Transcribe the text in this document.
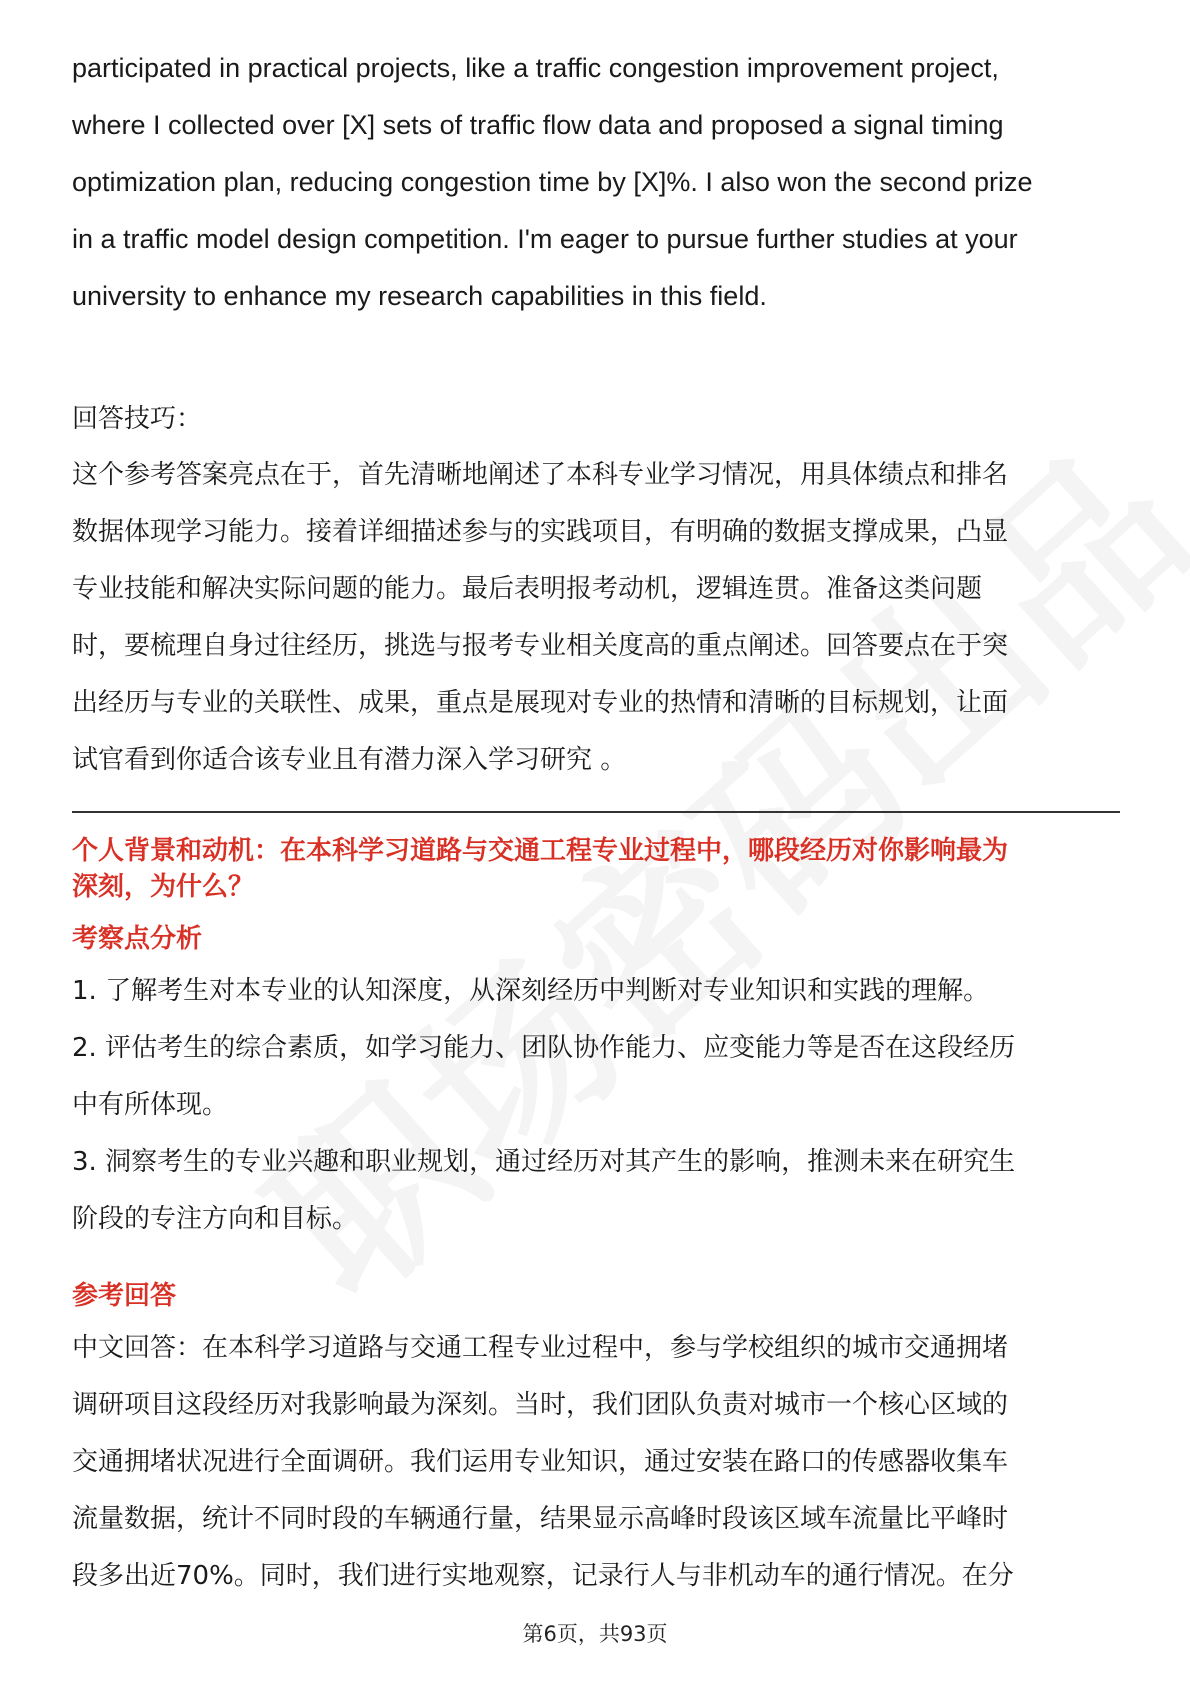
participated in practical projects, like a traffic congestion improvement project,
where I collected over [X] sets of traffic flow data and proposed a signal timing
optimization plan, reducing congestion time by [X]%. I also won the second prize
in a traffic model design competition. I'm eager to pursue further studies at your
university to enhance my research capabilities in this field.

回答技巧：

这个参考答案亮点在于，首先清晰地阐述了本科专业学习情况，用具体绩点和排名
数据体现学习能力。接着详细描述参与的实践项目，有明确的数据支撑成果，凸显
专业技能和解决实际问题的能力。最后表明报考动机，逻辑连贯。准备这类问题
时，要梳理自身过往经历，挑选与报考专业相关度高的重点阐述。回答要点在于突
出经历与专业的关联性、成果，重点是展现对专业的热情和清晰的目标规划，让面
试官看到你适合该专业且有潜力深入学习研究 。

个人背景和动机：在本科学习道路与交通工程专业过程中，哪段经历对你影响最为
深刻，为什么？
考察点分析

1. 了解考生对本专业的认知深度，从深刻经历中判断对专业知识和实践的理解。

2. 评估考生的综合素质，如学习能力、团队协作能力、应变能力等是否在这段经历
中有所体现。

3. 洞察考生的专业兴趣和职业规划，通过经历对其产生的影响，推测未来在研究生
阶段的专注方向和目标。

参考回答

中文回答：在本科学习道路与交通工程专业过程中，参与学校组织的城市交通拥堵
调研项目这段经历对我影响最为深刻。当时，我们团队负责对城市一个核心区域的
交通拥堵状况进行全面调研。我们运用专业知识，通过安装在路口的传感器收集车
流量数据，统计不同时段的车辆通行量，结果显示高峰时段该区域车流量比平峰时
段多出近70%。同时，我们进行实地观察，记录行人与非机动车的通行情况。在分

第6页，共93页
